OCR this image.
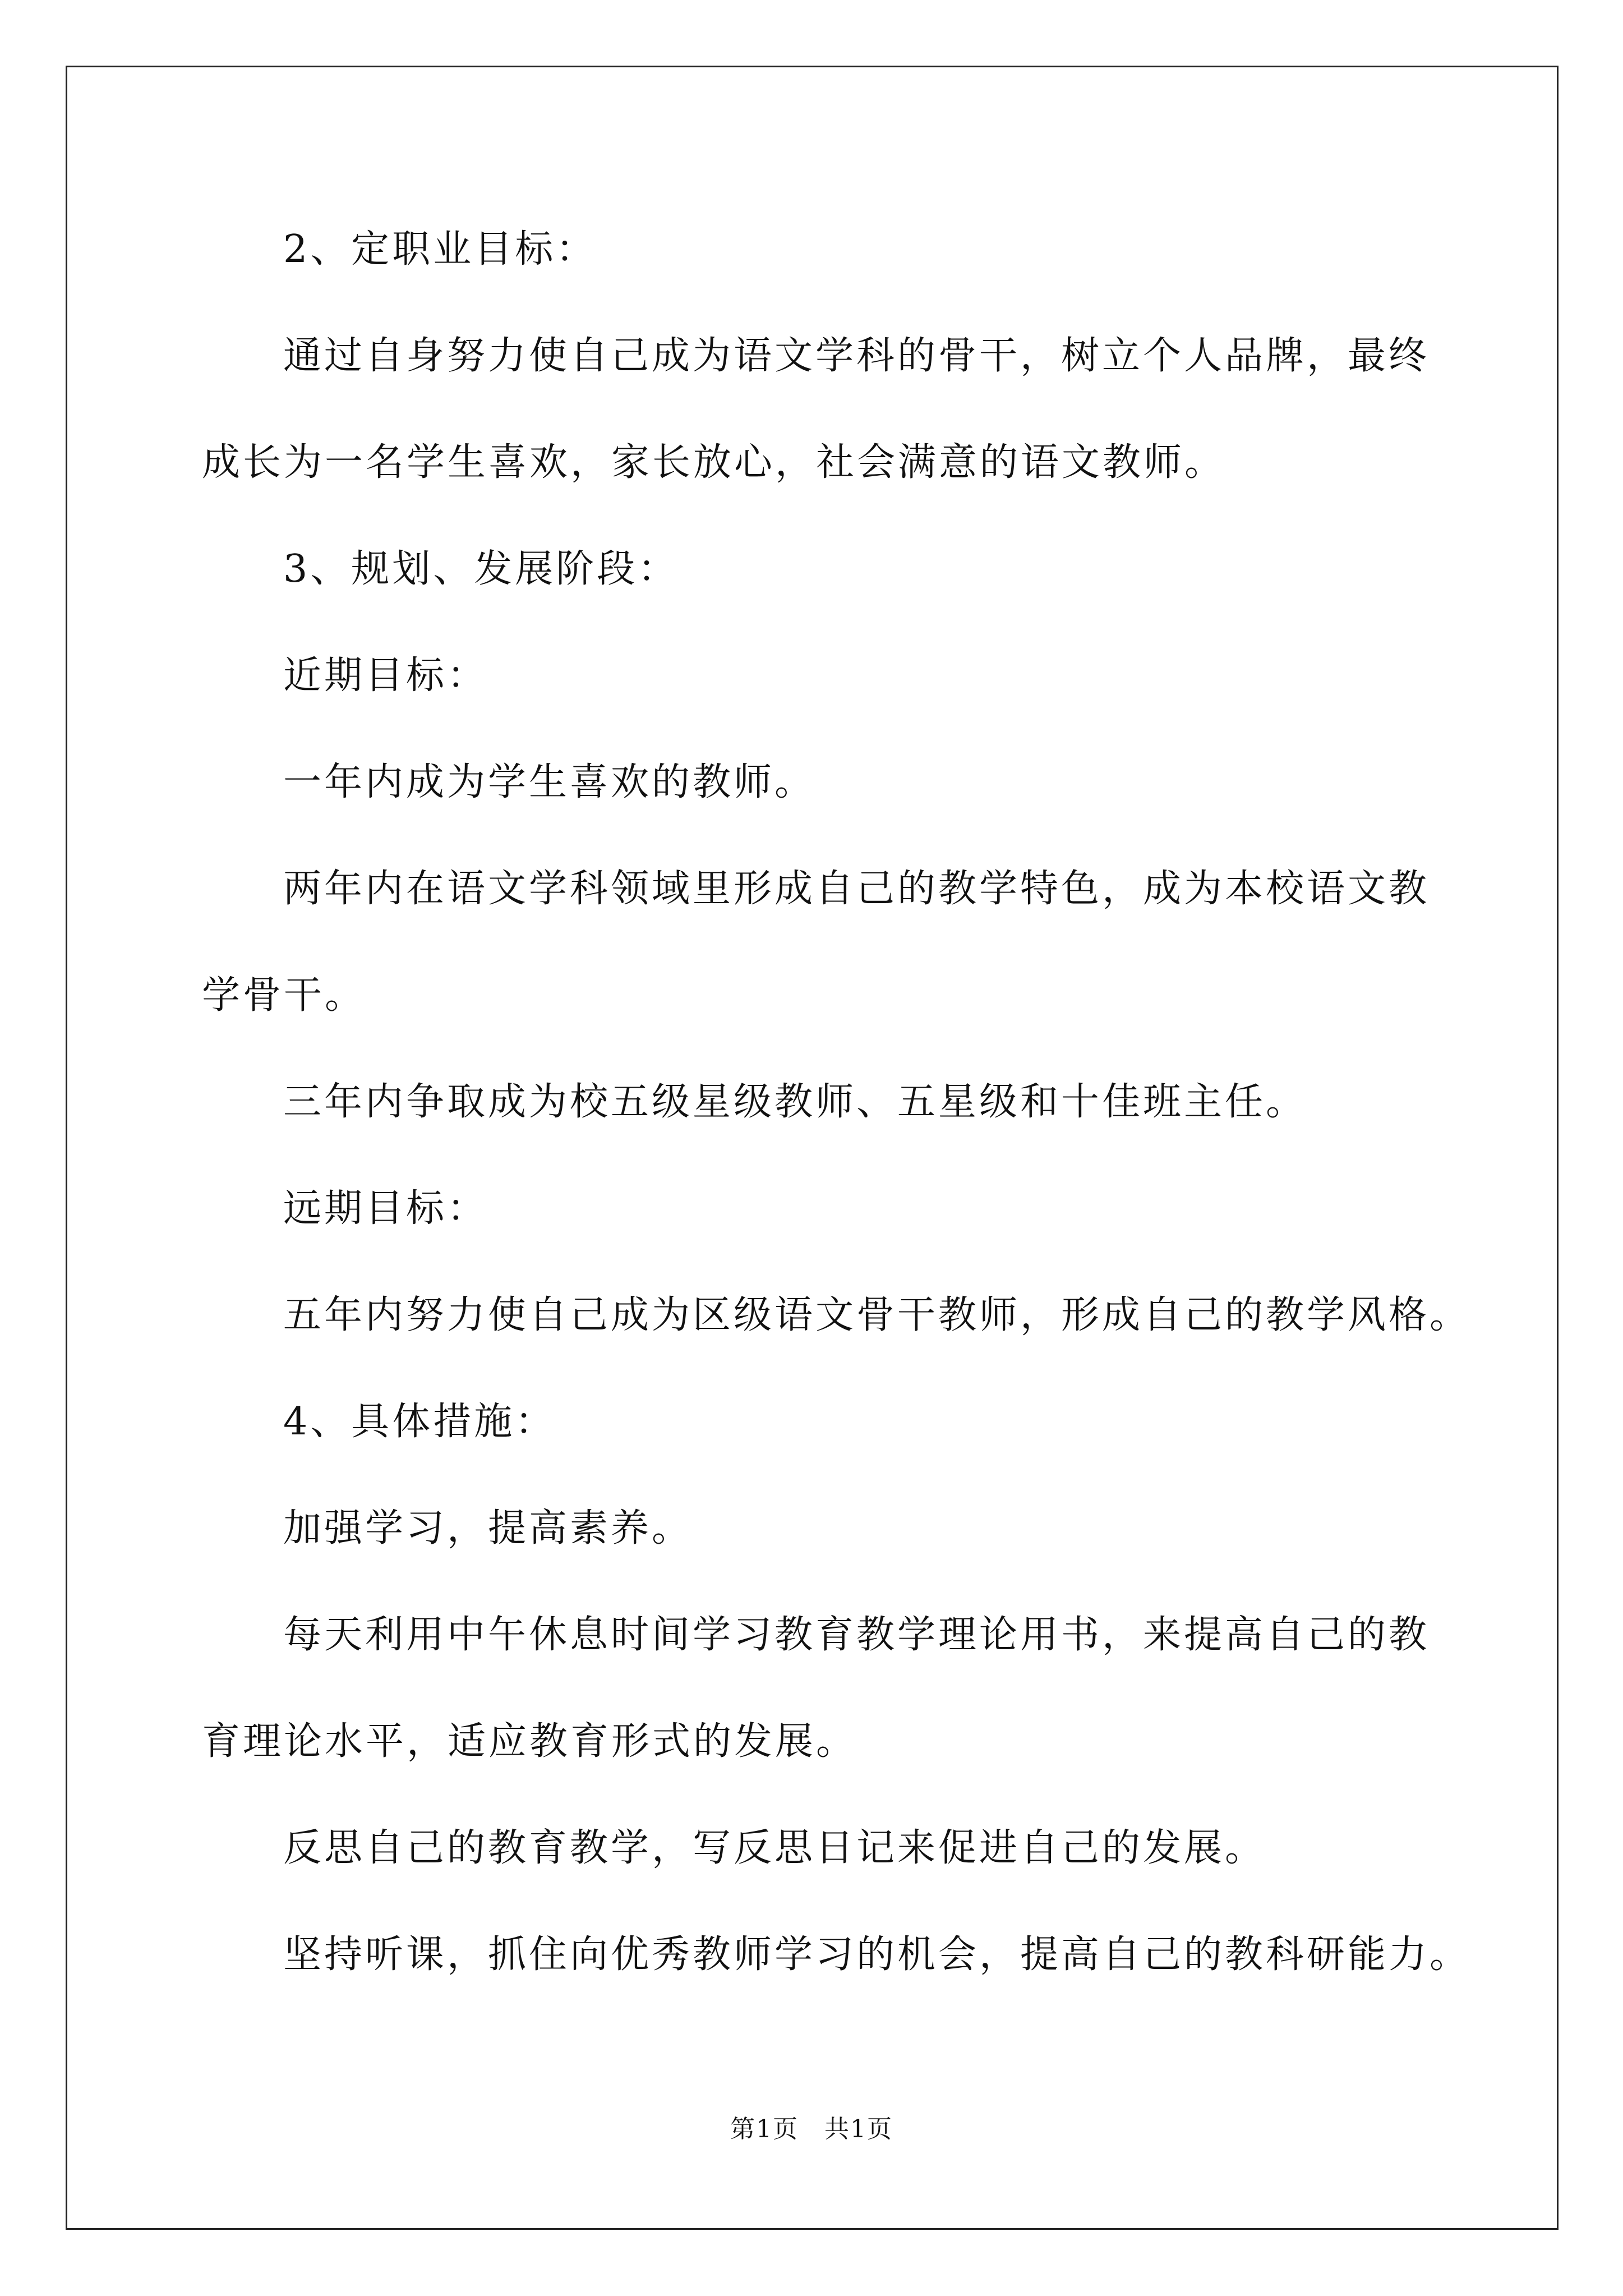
2、定职业目标：
通过自身努力使自己成为语文学科的骨干，树立个人品牌，最终
成长为一名学生喜欢，家长放心，社会满意的语文教师。
3、规划、发展阶段：
近期目标：
一年内成为学生喜欢的教师。
两年内在语文学科领域里形成自己的教学特色，成为本校语文教
学骨干。
三年内争取成为校五级星级教师、五星级和十佳班主任。
远期目标：
五年内努力使自己成为区级语文骨干教师，形成自己的教学风格。
4、具体措施：
加强学习，提高素养。
每天利用中午休息时间学习教育教学理论用书，来提高自己的教
育理论水平，适应教育形式的发展。
反思自己的教育教学，写反思日记来促进自己的发展。
坚持听课，抓住向优秀教师学习的机会，提高自己的教科研能力。
第1页　共1页
